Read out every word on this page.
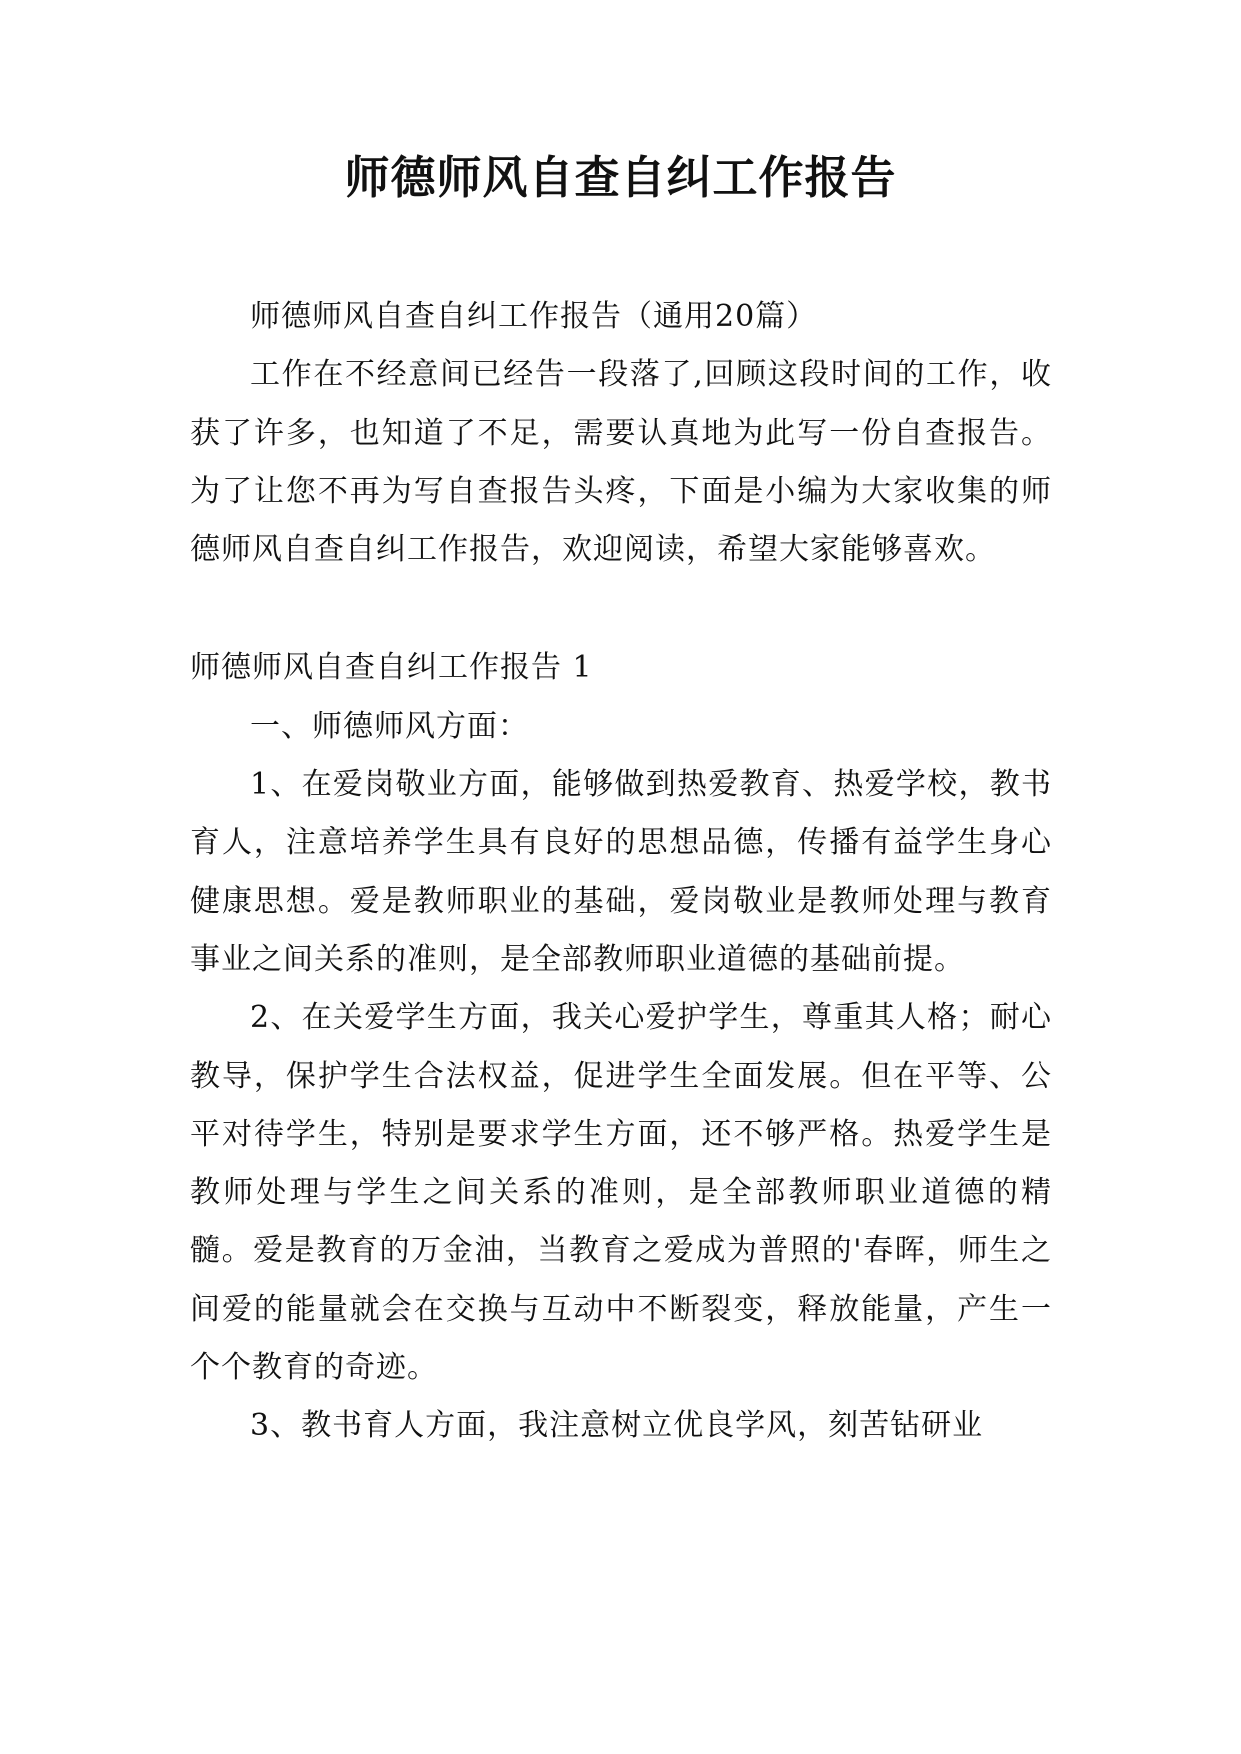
师德师风自查自纠工作报告

师德师风自查自纠工作报告（通用20篇）

工作在不经意间已经告一段落了,回顾这段时间的工作，收获了许多，也知道了不足，需要认真地为此写一份自查报告。为了让您不再为写自查报告头疼，下面是小编为大家收集的师德师风自查自纠工作报告，欢迎阅读，希望大家能够喜欢。

师德师风自查自纠工作报告 1

一、师德师风方面：

1、在爱岗敬业方面，能够做到热爱教育、热爱学校，教书育人，注意培养学生具有良好的思想品德，传播有益学生身心健康思想。爱是教师职业的基础，爱岗敬业是教师处理与教育事业之间关系的准则，是全部教师职业道德的基础前提。

2、在关爱学生方面，我关心爱护学生，尊重其人格；耐心教导，保护学生合法权益，促进学生全面发展。但在平等、公平对待学生，特别是要求学生方面，还不够严格。热爱学生是教师处理与学生之间关系的准则，是全部教师职业道德的精髓。爱是教育的万金油，当教育之爱成为普照的'春晖，师生之间爱的能量就会在交换与互动中不断裂变，释放能量，产生一个个教育的奇迹。

3、教书育人方面，我注意树立优良学风，刻苦钻研业
